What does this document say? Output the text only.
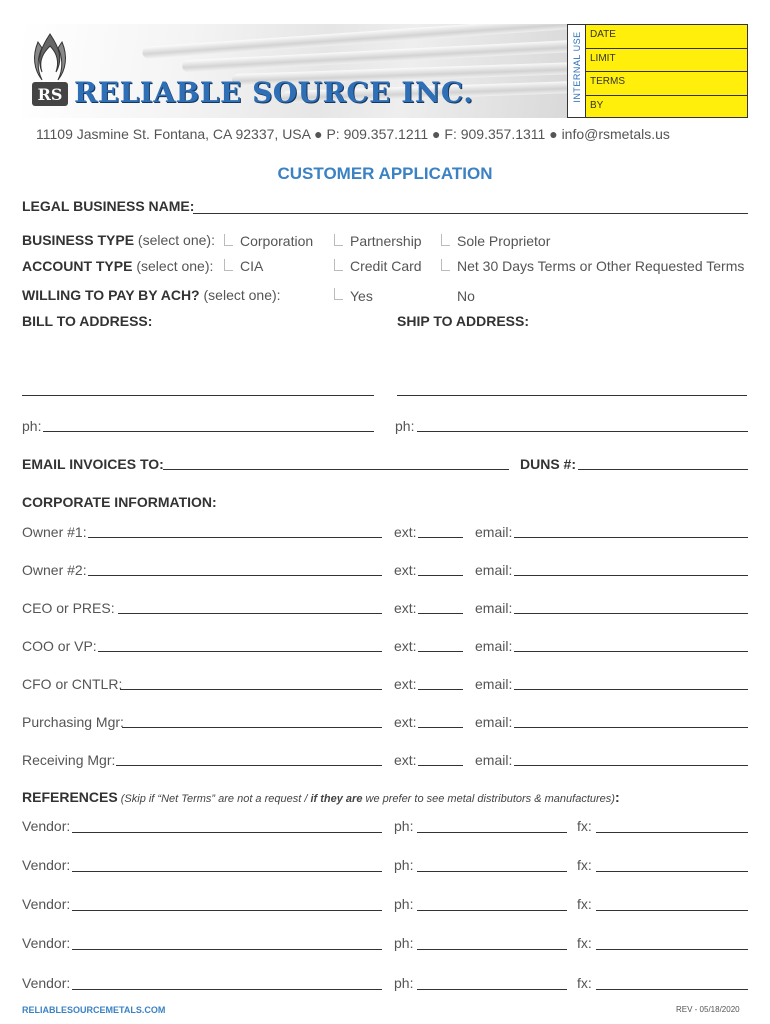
RS RELIABLE SOURCE INC.	INTERNAL USE DATE
LIMIT
TERMS
BY
11109 Jasmine St. Fontana, CA 92337, USA ● P: 909.357.1211 ● F: 909.357.1311 ● info@rsmetals.us
CUSTOMER APPLICATION
LEGAL BUSINESS NAME:
BUSINESS TYPE (select one): Corporation	Partnership	Sole Proprietor
ACCOUNT TYPE (select one): CIA	Credit Card	Net 30 Days Terms or Other Requested Terms
WILLING TO PAY BY ACH? (select one):	Yes	No
BILL TO ADDRESS:	SHIP TO ADDRESS:
ph:	ph:
EMAIL INVOICES TO:	DUNS #:
CORPORATE INFORMATION:
Owner #1:	ext:	email:
Owner #2:	ext:	email:
CEO or PRES:	ext:	email:
COO or VP:	ext:	email:
CFO or CNTLR:	ext:	email:
Purchasing Mgr:	ext:	email:
Receiving Mgr:	ext:	email:
REFERENCES (Skip if “Net Terms” are not a request / if they are we prefer to see metal distributors & manufactures):
Vendor:	ph:	fx:
Vendor:	ph:	fx:
Vendor:	ph:	fx:
Vendor:	ph:	fx:
Vendor:	ph:	fx:
RELIABLESOURCEMETALS.COM	REV - 05/18/2020
